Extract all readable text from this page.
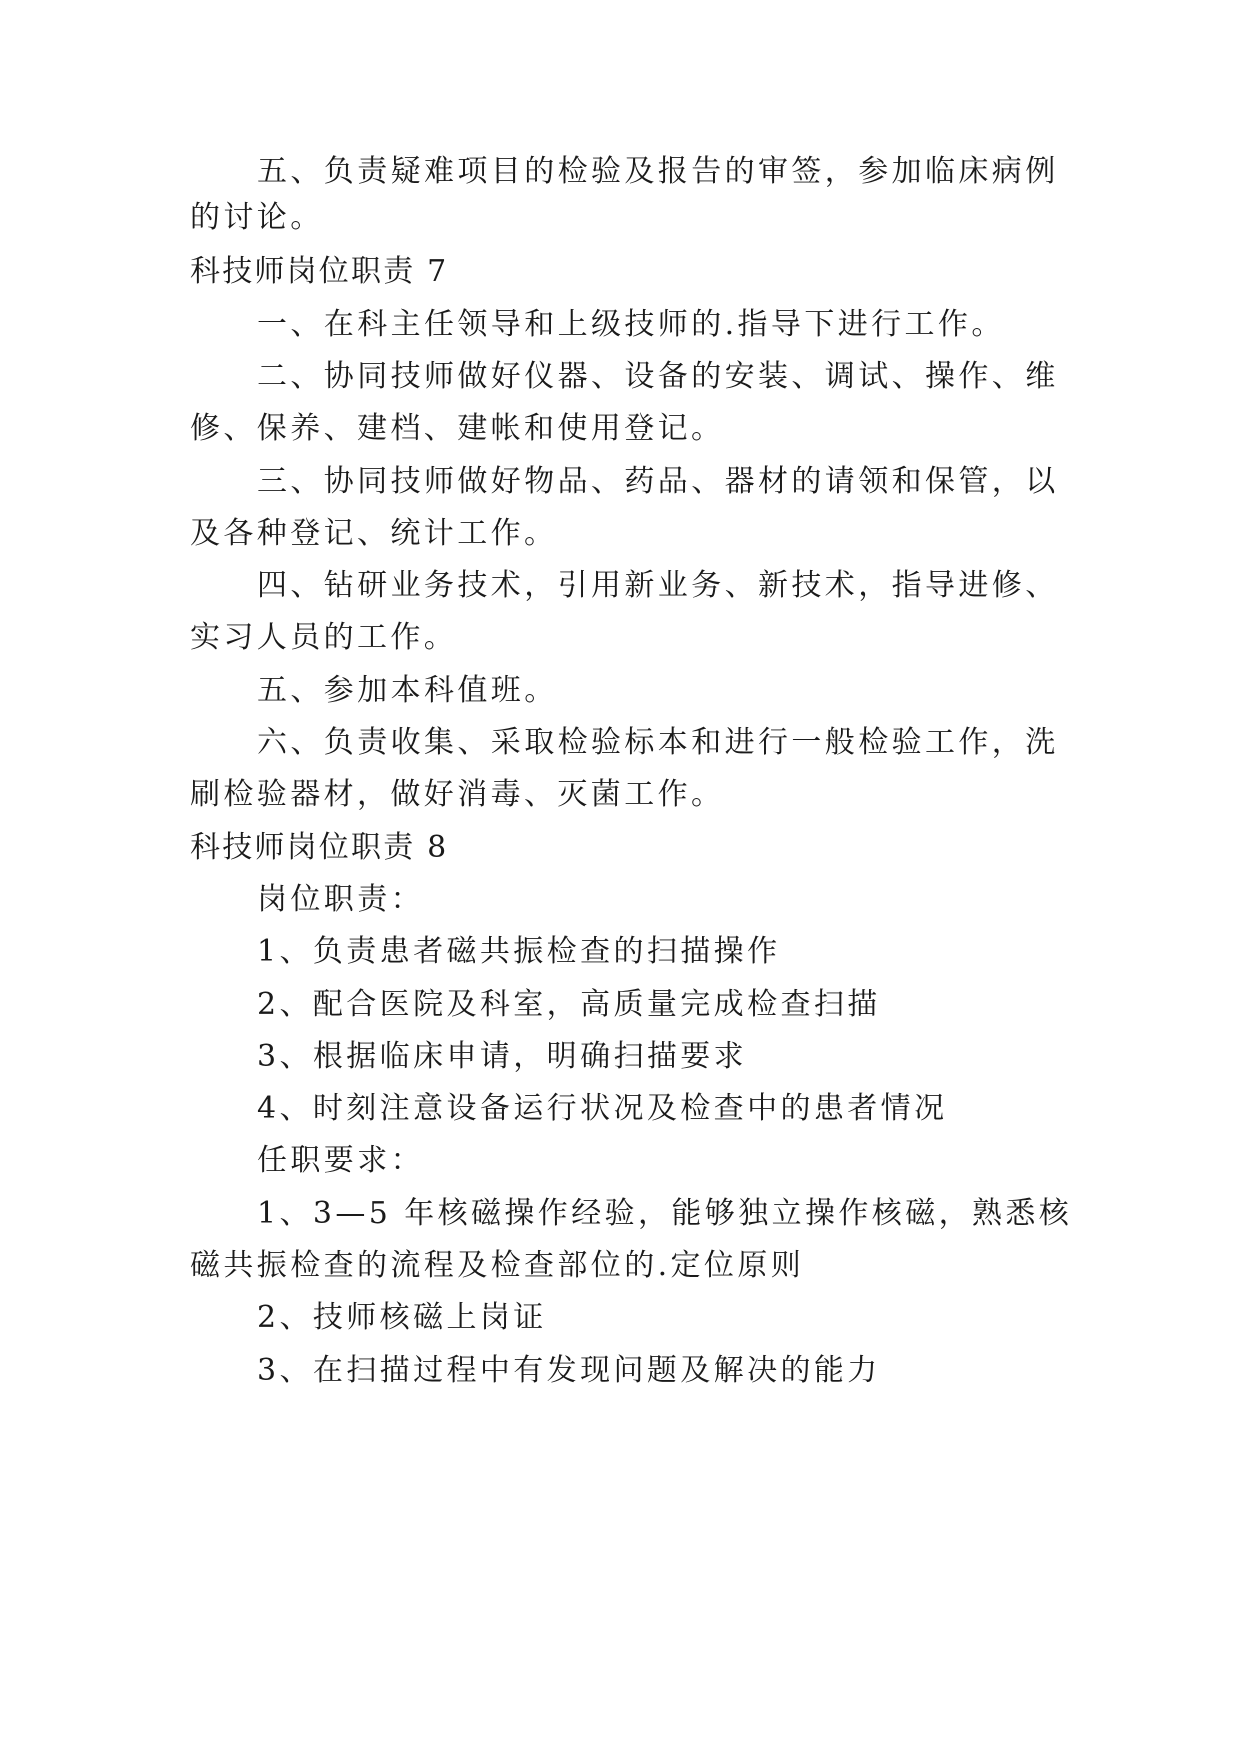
五、负责疑难项目的检验及报告的审签，参加临床病例
的讨论。
科技师岗位职责 7
一、在科主任领导和上级技师的.指导下进行工作。
二、协同技师做好仪器、设备的安装、调试、操作、维
修、保养、建档、建帐和使用登记。
三、协同技师做好物品、药品、器材的请领和保管，以
及各种登记、统计工作。
四、钻研业务技术，引用新业务、新技术，指导进修、
实习人员的工作。
五、参加本科值班。
六、负责收集、采取检验标本和进行一般检验工作，洗
刷检验器材，做好消毒、灭菌工作。
科技师岗位职责 8
岗位职责：
1、负责患者磁共振检查的扫描操作
2、配合医院及科室，高质量完成检查扫描
3、根据临床申请，明确扫描要求
4、时刻注意设备运行状况及检查中的患者情况
任职要求：
1、3—5 年核磁操作经验，能够独立操作核磁，熟悉核
磁共振检查的流程及检查部位的.定位原则
2、技师核磁上岗证
3、在扫描过程中有发现问题及解决的能力
